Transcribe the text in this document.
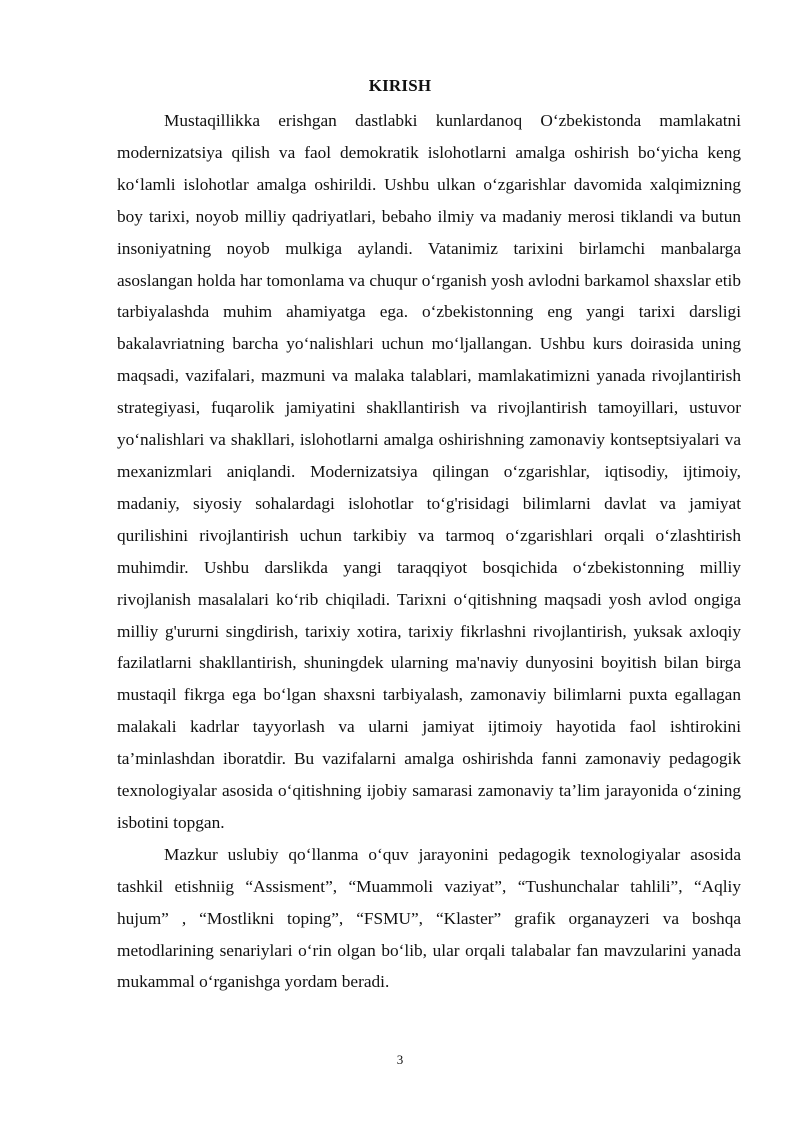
KIRISH

Mustaqillikka erishgan dastlabki kunlardanoq O‘zbekistonda mamlakatni modernizatsiya qilish va faol demokratik islohotlarni amalga oshirish bo‘yicha keng ko‘lamli islohotlar amalga oshirildi. Ushbu ulkan o‘zgarishlar davomida xalqimizning boy tarixi, noyob milliy qadriyatlari, bebaho ilmiy va madaniy merosi tiklandi va butun insoniyatning noyob mulkiga aylandi. Vatanimiz tarixini birlamchi manbalarga asoslangan holda har tomonlama va chuqur o‘rganish yosh avlodni barkamol shaxslar etib tarbiyalashda muhim ahamiyatga ega. o‘zbekistonning eng yangi tarixi darsligi bakalavriatning barcha yo‘nalishlari uchun mo‘ljallangan. Ushbu kurs doirasida uning maqsadi, vazifalari, mazmuni va malaka talablari, mamlakatimizni yanada rivojlantirish strategiyasi, fuqarolik jamiyatini shakllantirish va rivojlantirish tamoyillari, ustuvor yo‘nalishlari va shakllari, islohotlarni amalga oshirishning zamonaviy kontseptsiyalari va mexanizmlari aniqlandi. Modernizatsiya qilingan o‘zgarishlar, iqtisodiy, ijtimoiy, madaniy, siyosiy sohalardagi islohotlar to‘g'risidagi bilimlarni davlat va jamiyat qurilishini rivojlantirish uchun tarkibiy va tarmoq o‘zgarishlari orqali o‘zlashtirish muhimdir. Ushbu darslikda yangi taraqqiyot bosqichida o‘zbekistonning milliy rivojlanish masalalari ko‘rib chiqiladi. Tarixni o‘qitishning maqsadi yosh avlod ongiga milliy g'ururni singdirish, tarixiy xotira, tarixiy fikrlashni rivojlantirish, yuksak axloqiy fazilatlarni shakllantirish, shuningdek ularning ma'naviy dunyosini boyitish bilan birga mustaqil fikrga ega bo‘lgan shaxsni tarbiyalash, zamonaviy bilimlarni puxta egallagan malakali kadrlar tayyorlash va ularni jamiyat ijtimoiy hayotida faol ishtirokini ta’minlashdan iboratdir. Bu vazifalarni amalga oshirishda fanni zamonaviy pedagogik texnologiyalar asosida o‘qitishning ijobiy samarasi zamonaviy ta’lim jarayonida o‘zining isbotini topgan.

Mazkur uslubiy qo‘llanma o‘quv jarayonini pedagogik texnologiyalar asosida tashkil etishniig “Assisment”, “Muammoli vaziyat”, “Tushunchalar tahlili”, “Aqliy hujum” , “Mostlikni toping”, “FSMU”, “Klaster” grafik organayzeri va boshqa metodlarining senariylari o‘rin olgan bo‘lib, ular orqali talabalar fan mavzularini yanada mukammal o‘rganishga yordam beradi.

3
